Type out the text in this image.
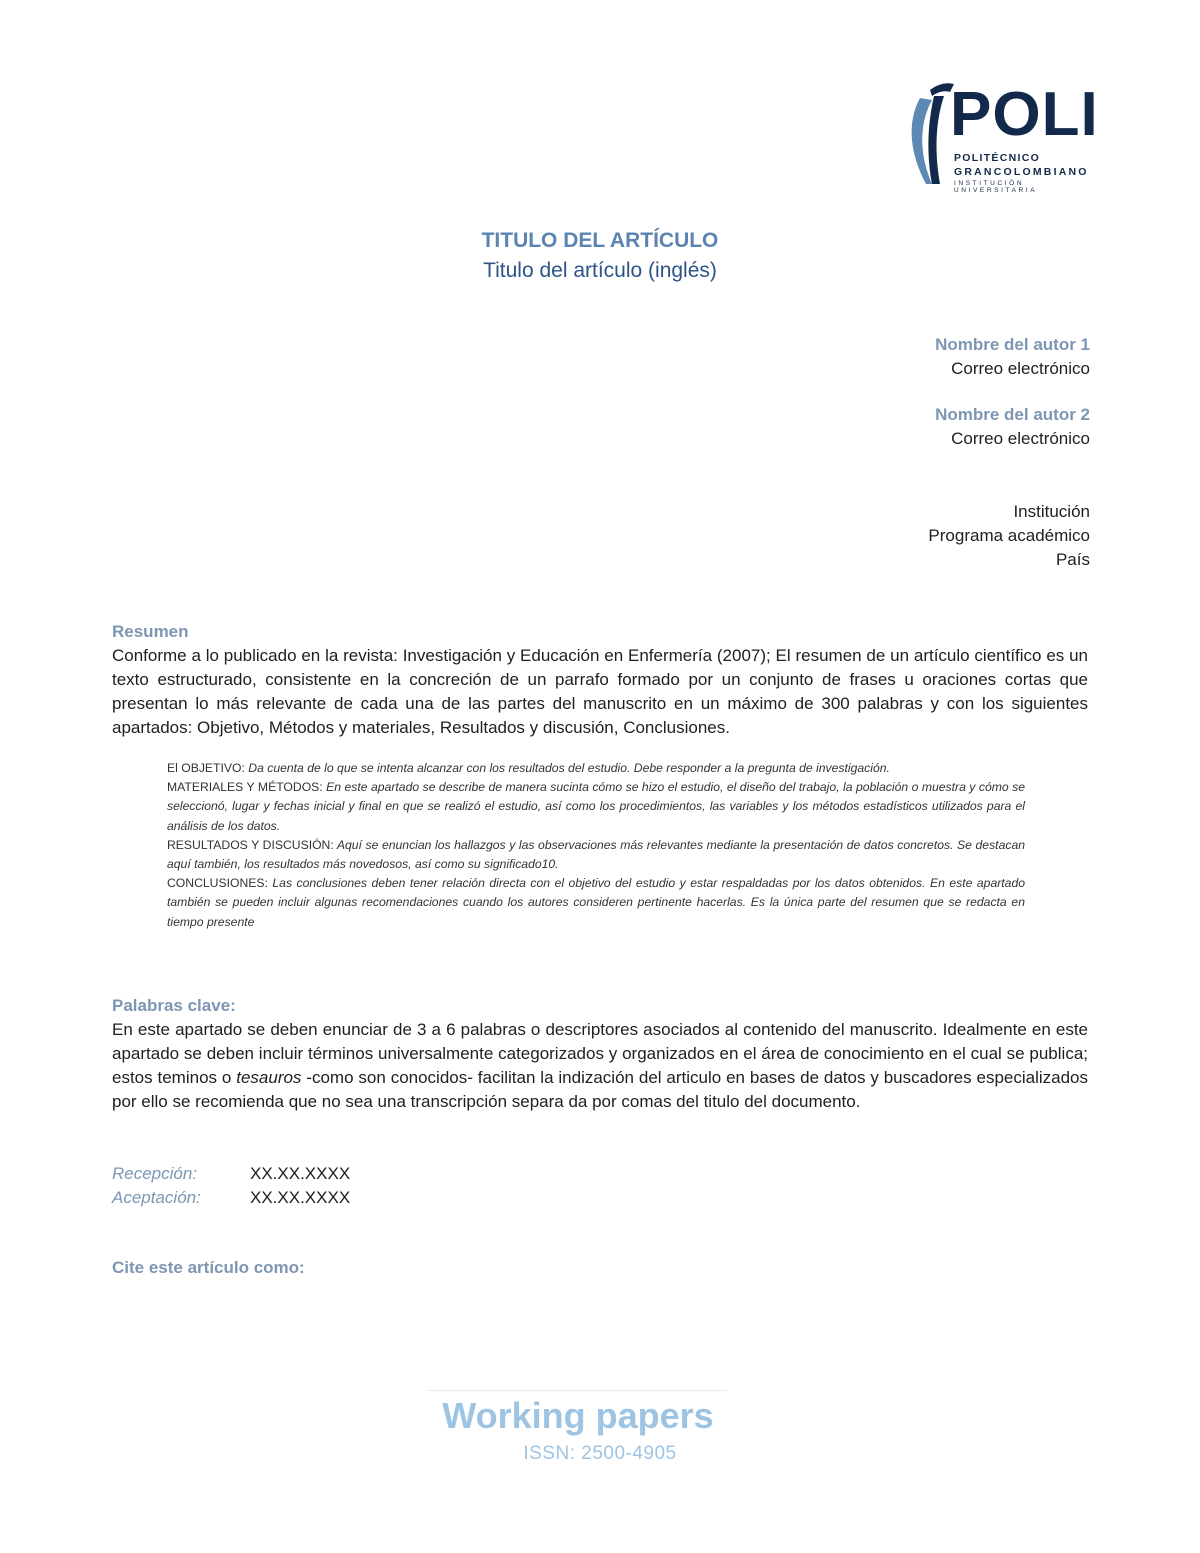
POLI
POLITÉCNICO
GRANCOLOMBIANO
INSTITUCIÓN UNIVERSITARIA
TITULO DEL ARTÍCULO
Titulo del artículo (inglés)
Nombre del autor 1
Correo electrónico
Nombre del autor 2
Correo electrónico
Institución
Programa académico
País
Resumen
Conforme a lo publicado en la revista: Investigación y Educación en Enfermería (2007); El resumen de un artículo científico es un texto estructurado, consistente en la concreción de un parrafo formado por un conjunto de frases u oraciones cortas que presentan lo más relevante de cada una de las partes del manuscrito en un máximo de 300 palabras y con los siguientes apartados: Objetivo, Métodos y materiales, Resultados y discusión, Conclusiones.
El OBJETIVO: Da cuenta de lo que se intenta alcanzar con los resultados del estudio. Debe responder a la pregunta de investigación.
MATERIALES Y MÉTODOS: En este apartado se describe de manera sucinta cómo se hizo el estudio, el diseño del trabajo, la población o muestra y cómo se seleccionó, lugar y fechas inicial y final en que se realizó el estudio, así como los procedimientos, las variables y los métodos estadísticos utilizados para el análisis de los datos.
RESULTADOS Y DISCUSIÓN: Aquí se enuncian los hallazgos y las observaciones más relevantes mediante la presentación de datos concretos. Se destacan aquí también, los resultados más novedosos, así como su significado10.
CONCLUSIONES: Las conclusiones deben tener relación directa con el objetivo del estudio y estar respaldadas por los datos obtenidos. En este apartado también se pueden incluir algunas recomendaciones cuando los autores consideren pertinente hacerlas. Es la única parte del resumen que se redacta en tiempo presente
Palabras clave:
En este apartado se deben enunciar de 3 a 6 palabras o descriptores asociados al contenido del manuscrito. Idealmente en este apartado se deben incluir términos universalmente categorizados y organizados en el área de conocimiento en el cual se publica; estos teminos o tesauros -como son conocidos- facilitan la indización del articulo en bases de datos y buscadores especializados por ello se recomienda que no sea una transcripción separa da por comas del titulo del documento.
Recepción:	XX.XX.XXXX
Aceptación:	XX.XX.XXXX
Cite este artículo como:
Working papers
ISSN: 2500-4905
